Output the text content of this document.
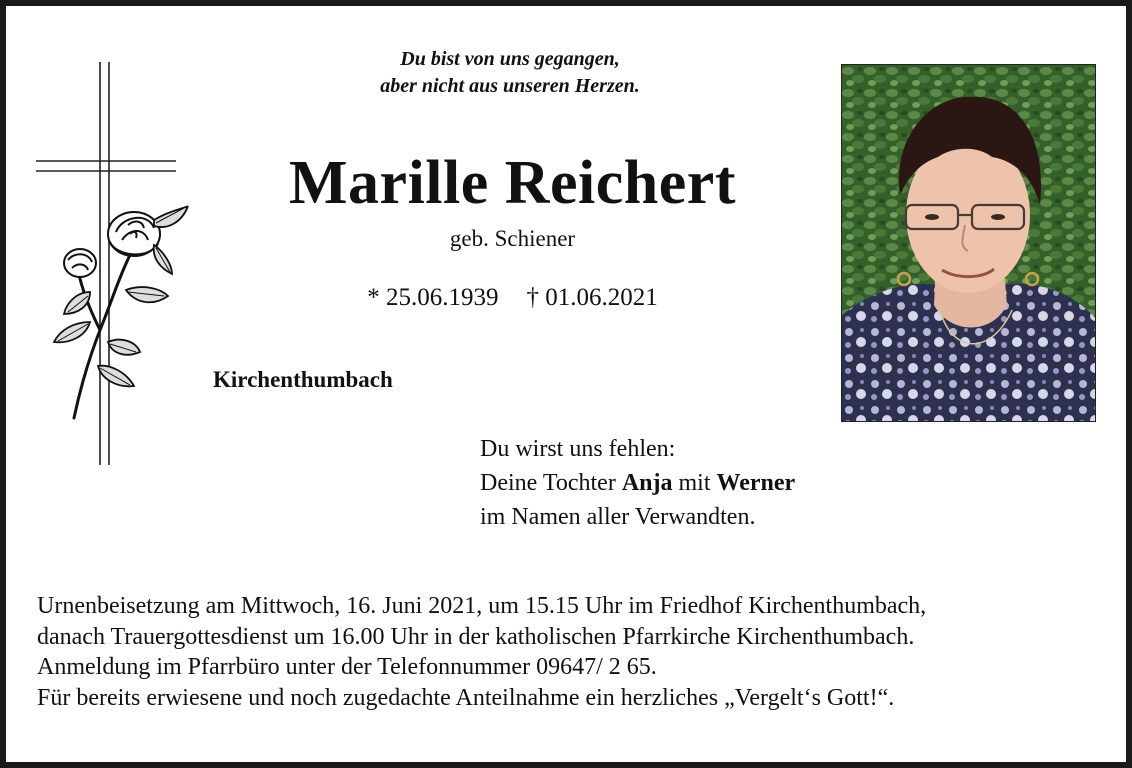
Du bist von uns gegangen,
aber nicht aus unseren Herzen.
Marille Reichert
geb. Schiener
* 25.06.1939 † 01.06.2021
Kirchenthumbach
Du wirst uns fehlen:
Deine Tochter Anja mit Werner
im Namen aller Verwandten.
Urnenbeisetzung am Mittwoch, 16. Juni 2021, um 15.15 Uhr im Friedhof Kirchenthumbach,
danach Trauergottesdienst um 16.00 Uhr in der katholischen Pfarrkirche Kirchenthumbach.
Anmeldung im Pfarrbüro unter der Telefonnummer 09647/ 2 65.
Für bereits erwiesene und noch zugedachte Anteilnahme ein herzliches „Vergelt‘s Gott!“.
